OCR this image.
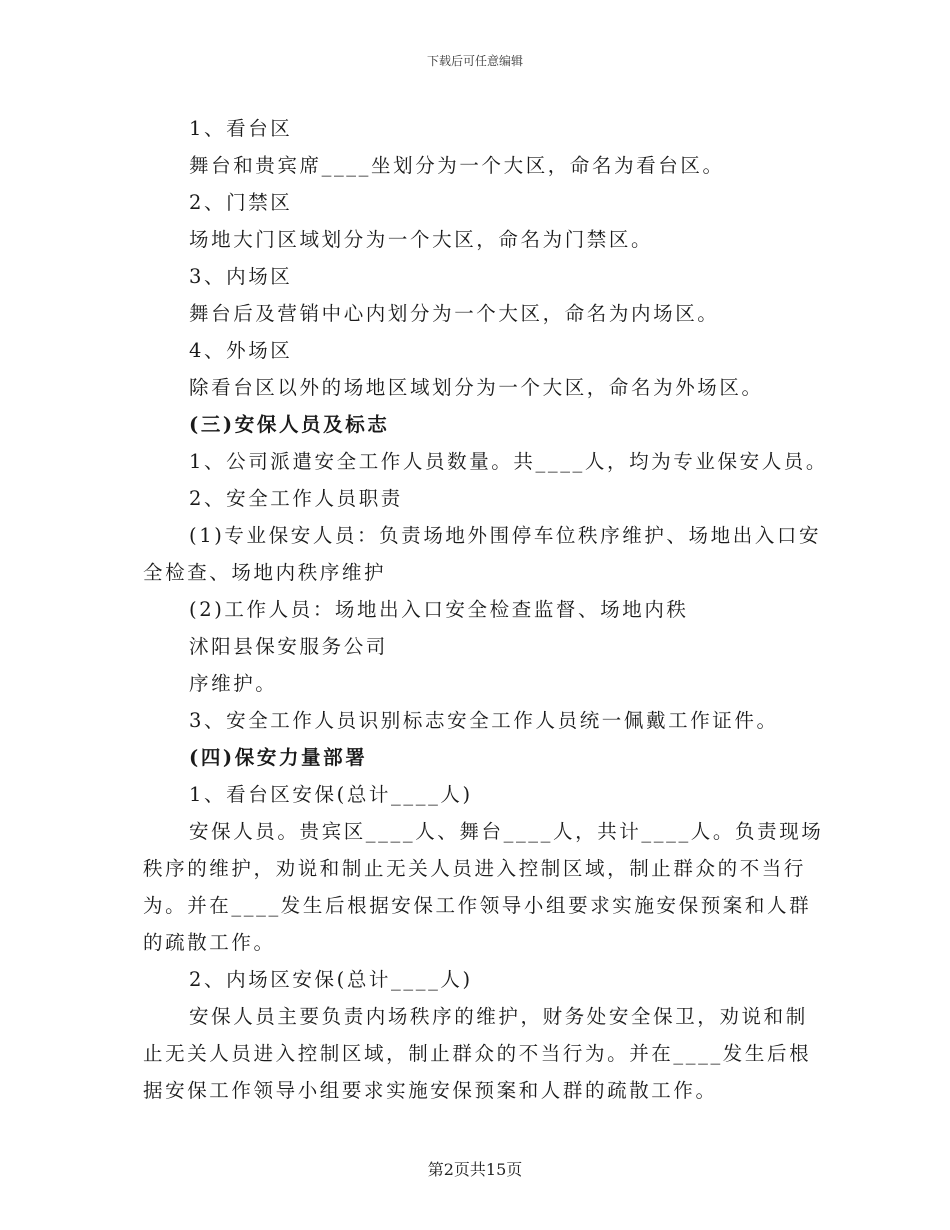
下载后可任意编辑
1、看台区
舞台和贵宾席____坐划分为一个大区，命名为看台区。
2、门禁区
场地大门区域划分为一个大区，命名为门禁区。
3、内场区
舞台后及营销中心内划分为一个大区，命名为内场区。
4、外场区
除看台区以外的场地区域划分为一个大区，命名为外场区。
(三)安保人员及标志
1、公司派遣安全工作人员数量。共____人，均为专业保安人员。
2、安全工作人员职责
(1)专业保安人员：负责场地外围停车位秩序维护、场地出入口安
全检查、场地内秩序维护
(2)工作人员：场地出入口安全检查监督、场地内秩
沭阳县保安服务公司
序维护。
3、安全工作人员识别标志安全工作人员统一佩戴工作证件。
(四)保安力量部署
1、看台区安保(总计____人)
安保人员。贵宾区____人、舞台____人，共计____人。负责现场
秩序的维护，劝说和制止无关人员进入控制区域，制止群众的不当行
为。并在____发生后根据安保工作领导小组要求实施安保预案和人群
的疏散工作。
2、内场区安保(总计____人)
安保人员主要负责内场秩序的维护，财务处安全保卫，劝说和制
止无关人员进入控制区域，制止群众的不当行为。并在____发生后根
据安保工作领导小组要求实施安保预案和人群的疏散工作。
第2页共15页
